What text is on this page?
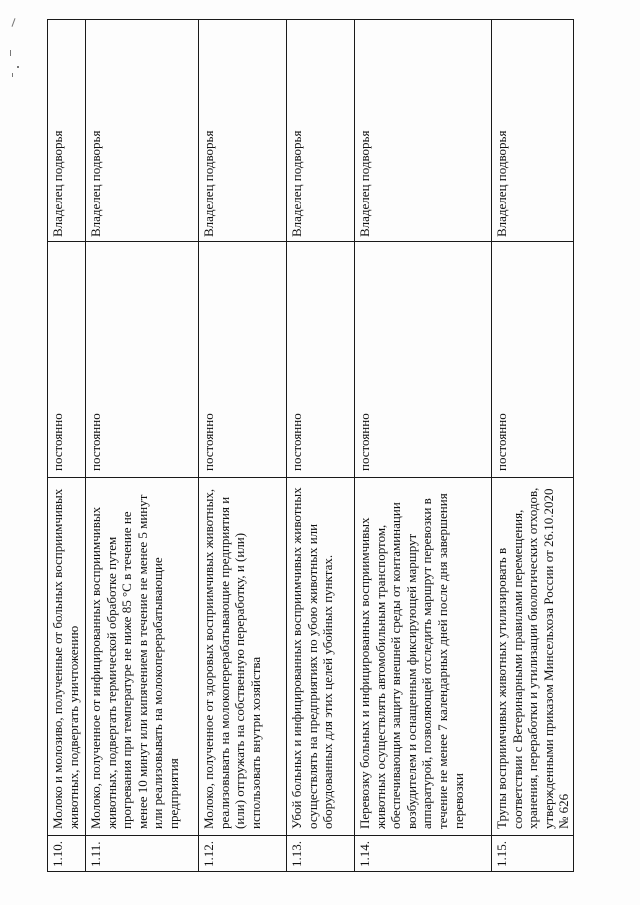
1.10.	Молоко и молозиво, полученные от больных восприимчивых животных, подвергать уничтожению	постоянно	Владелец подворья
1.11.	Молоко, полученное от инфицированных восприимчивых животных, подвергать термической обработке путем прогревания при температуре не ниже 85 °С в течение не менее 10 минут или кипячением в течение не менее 5 минут или реализовывать на молокоперерабатывающие предприятия	постоянно	Владелец подворья
1.12.	Молоко, полученное от здоровых восприимчивых животных, реализовывать на молокоперерабатывающие предприятия и (или) отгружать на собственную переработку, и (или) использовать внутри хозяйства	постоянно	Владелец подворья
1.13.	Убой больных и инфицированных восприимчивых животных осуществлять на предприятиях по убою животных или оборудованных для этих целей убойных пунктах.	постоянно	Владелец подворья
1.14.	Перевозку больных и инфицированных восприимчивых животных осуществлять автомобильным транспортом, обеспечивающим защиту внешней среды от контаминации возбудителем и оснащенным фиксирующей маршрут аппаратурой, позволяющей отследить маршрут перевозки в течение не менее 7 календарных дней после дня завершения перевозки	постоянно	Владелец подворья
1.15.	Трупы восприимчивых животных утилизировать в соответствии с Ветеринарными правилами перемещения, хранения, переработки и утилизации биологических отходов, утвержденными приказом Минсельхоза России от 26.10.2020 № 626	постоянно	Владелец подворья
